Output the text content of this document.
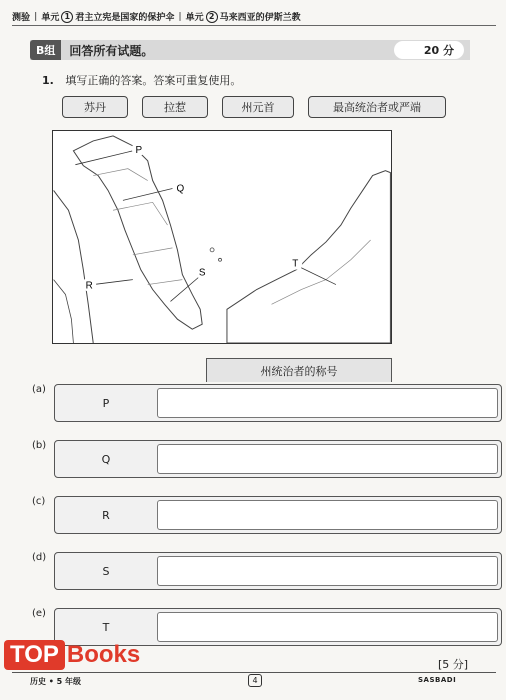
测验 | 单元 1 君主立宪是国家的保护伞 | 单元 2 马来西亚的伊斯兰教
B组	回答所有试题。	20 分
1. 填写正确的答案。答案可重复使用。
苏丹	拉惹	州元首	最高统治者或严端
P
Q
R
S
T
州统治者的称号
(a)
P
(b)
Q
(c)
R
(d)
S
(e)
T
[5 分]
历史 • 5 年级	4	SASBADI
TOP Books
